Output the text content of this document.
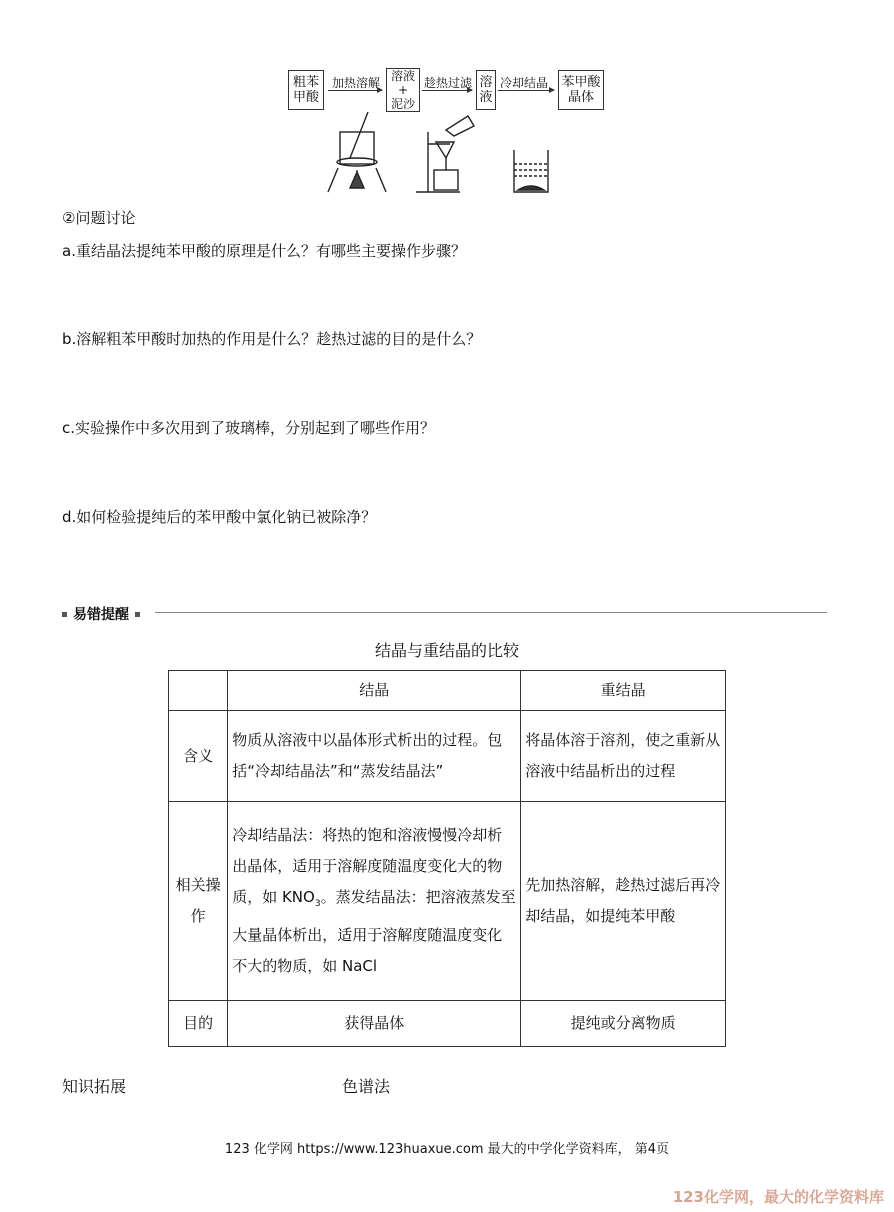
粗苯
甲酸
加热溶解 溶液
+
泥沙
趁热过滤 溶
液
冷却结晶 苯甲酸
晶体
②问题讨论
a.重结晶法提纯苯甲酸的原理是什么？有哪些主要操作步骤？
b.溶解粗苯甲酸时加热的作用是什么？趁热过滤的目的是什么？
c.实验操作中多次用到了玻璃棒，分别起到了哪些作用？
d.如何检验提纯后的苯甲酸中氯化钠已被除净？
易错提醒
结晶与重结晶的比较
	结晶	重结晶
含义	物质从溶液中以晶体形式析出的过程。包括“冷却结晶法”和“蒸发结晶法”	将晶体溶于溶剂，使之重新从溶液中结晶析出的过程
相关操作	冷却结晶法：将热的饱和溶液慢慢冷却析出晶体，适用于溶解度随温度变化大的物质，如 $KNO_3$。蒸发结晶法：把溶液蒸发至大量晶体析出，适用于溶解度随温度变化不大的物质，如 NaCl	先加热溶解，趁热过滤后再冷却结晶，如提纯苯甲酸
目的	获得晶体	提纯或分离物质
知识拓展	色谱法
123 化学网 https://www.123huaxue.com 最大的中学化学资料库， 第4页
123化学网，最大的化学资料库
